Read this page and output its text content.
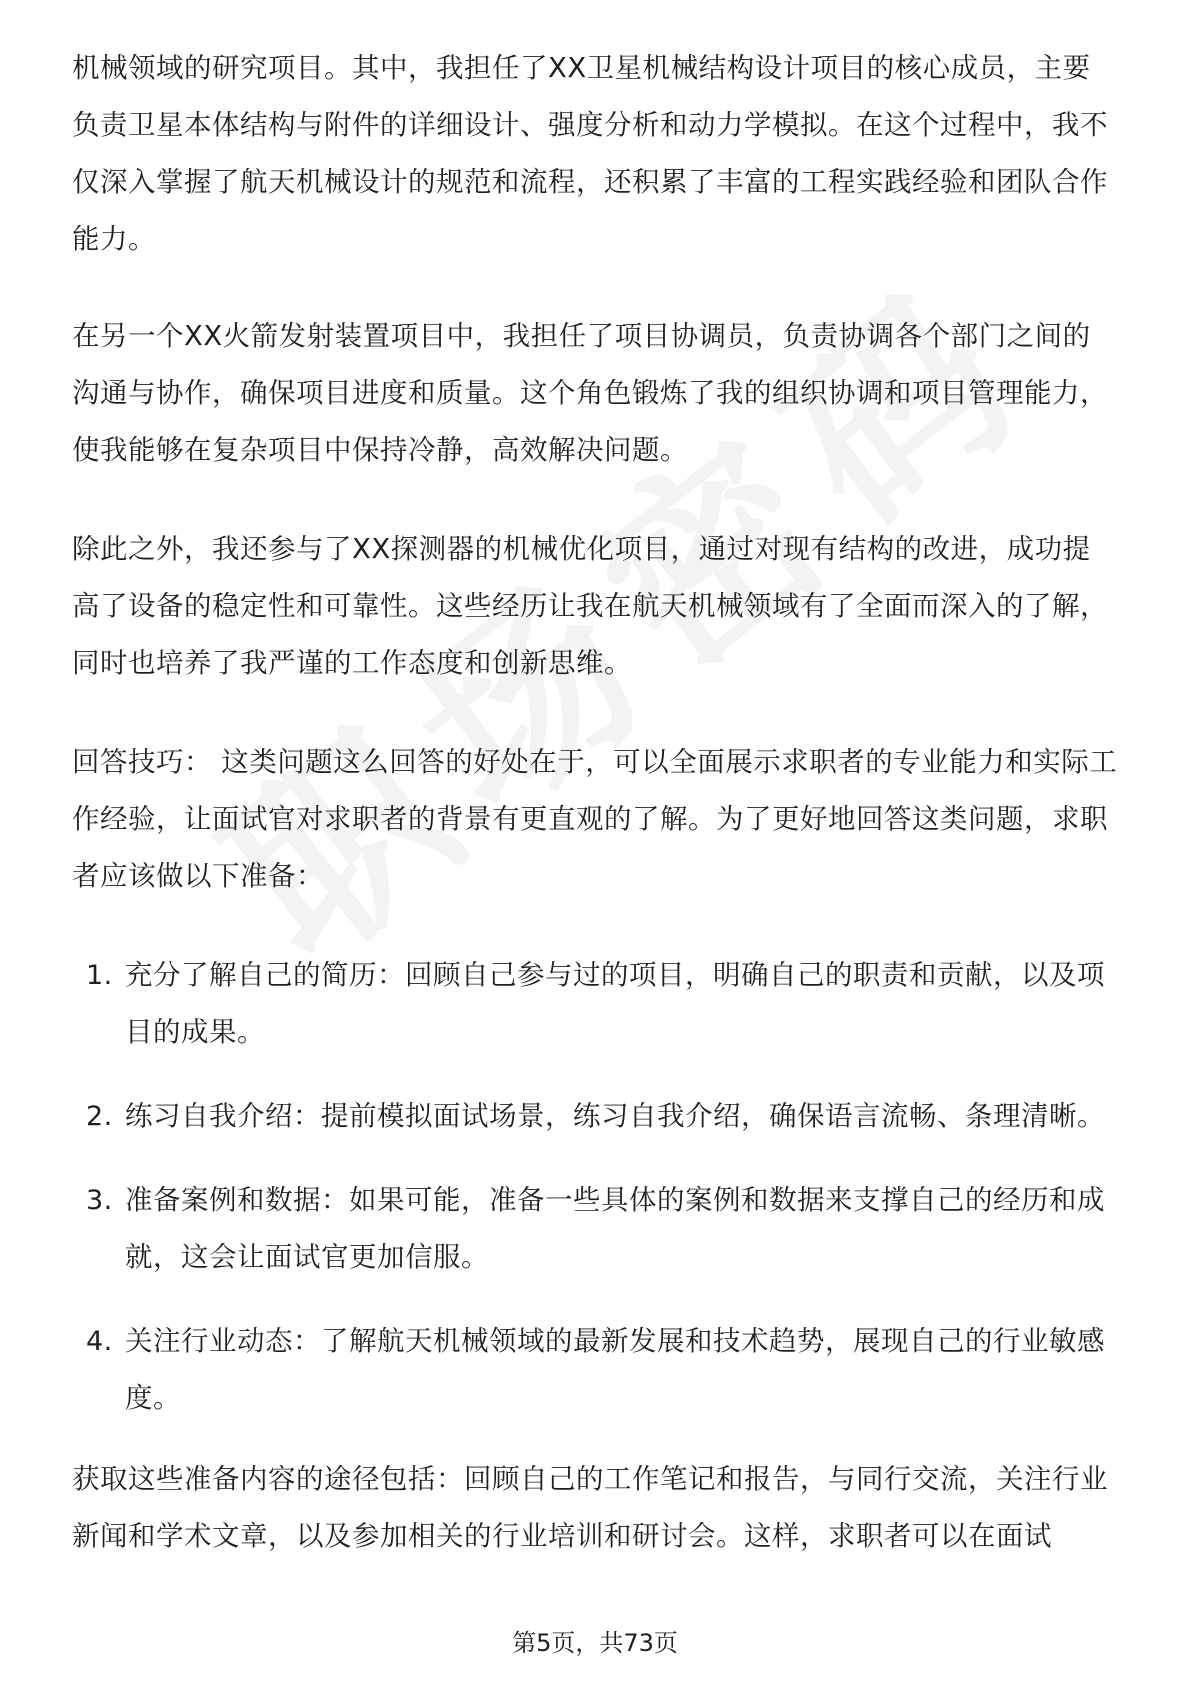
机械领域的研究项目。其中，我担任了XX卫星机械结构设计项目的核心成员，主要负责卫星本体结构与附件的详细设计、强度分析和动力学模拟。在这个过程中，我不仅深入掌握了航天机械设计的规范和流程，还积累了丰富的工程实践经验和团队合作能力。

在另一个XX火箭发射装置项目中，我担任了项目协调员，负责协调各个部门之间的沟通与协作，确保项目进度和质量。这个角色锻炼了我的组织协调和项目管理能力，使我能够在复杂项目中保持冷静，高效解决问题。

除此之外，我还参与了XX探测器的机械优化项目，通过对现有结构的改进，成功提高了设备的稳定性和可靠性。这些经历让我在航天机械领域有了全面而深入的了解，同时也培养了我严谨的工作态度和创新思维。

回答技巧： 这类问题这么回答的好处在于，可以全面展示求职者的专业能力和实际工作经验，让面试官对求职者的背景有更直观的了解。为了更好地回答这类问题，求职者应该做以下准备：

1. 充分了解自己的简历：回顾自己参与过的项目，明确自己的职责和贡献，以及项目的成果。
2. 练习自我介绍：提前模拟面试场景，练习自我介绍，确保语言流畅、条理清晰。
3. 准备案例和数据：如果可能，准备一些具体的案例和数据来支撑自己的经历和成就，这会让面试官更加信服。
4. 关注行业动态：了解航天机械领域的最新发展和技术趋势，展现自己的行业敏感度。

获取这些准备内容的途径包括：回顾自己的工作笔记和报告，与同行交流，关注行业新闻和学术文章，以及参加相关的行业培训和研讨会。这样，求职者可以在面试

第5页，共73页
